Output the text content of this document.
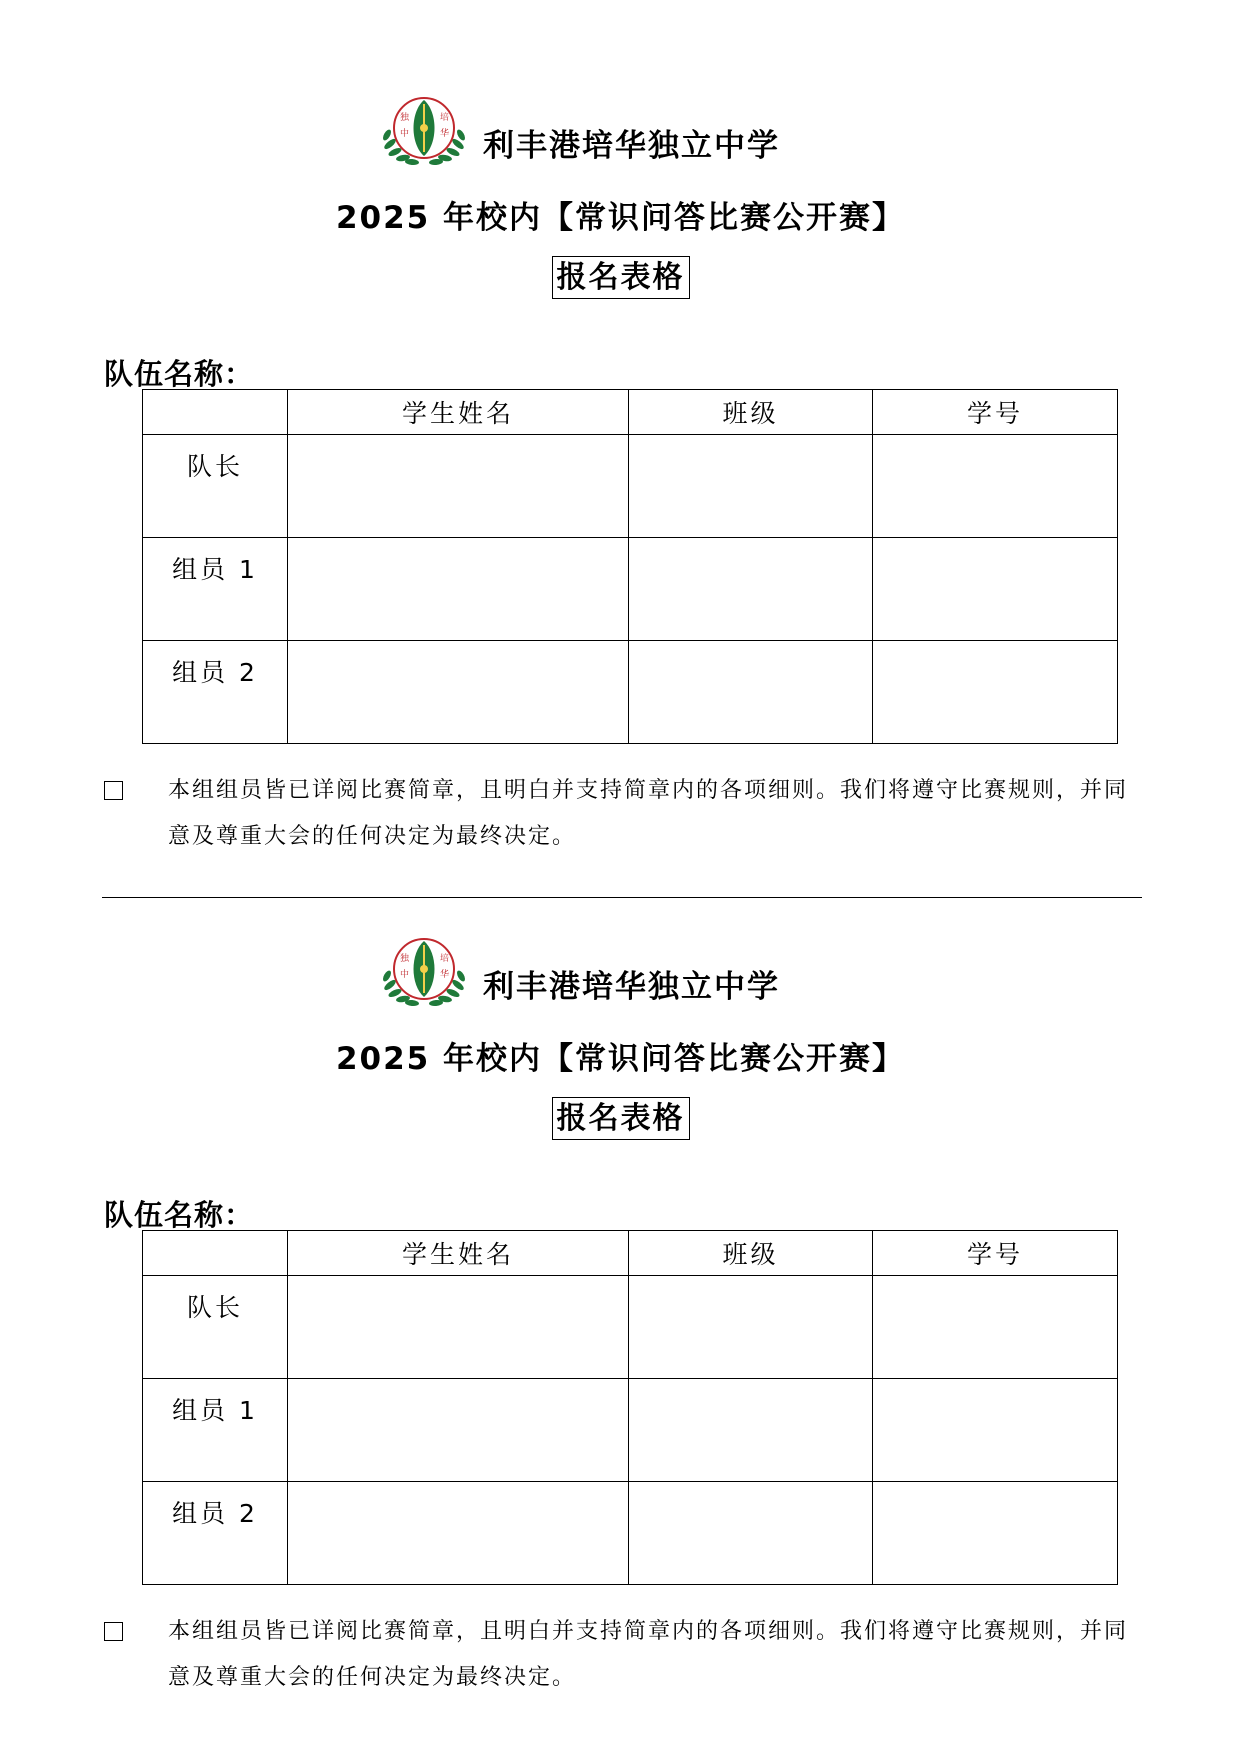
培
华
独
中 利丰港培华独立中学
2025 年校内【常识问答比赛公开赛】
报名表格
队伍名称：
	学生姓名	班级	学号
队长			
组员 1			
组员 2			
本组组员皆已详阅比赛简章，且明白并支持简章内的各项细则。我们将遵守比赛规则，并同意及尊重大会的任何决定为最终决定。
培
华
独
中 利丰港培华独立中学
2025 年校内【常识问答比赛公开赛】
报名表格
队伍名称：
	学生姓名	班级	学号
队长			
组员 1			
组员 2			
本组组员皆已详阅比赛简章，且明白并支持简章内的各项细则。我们将遵守比赛规则，并同意及尊重大会的任何决定为最终决定。
